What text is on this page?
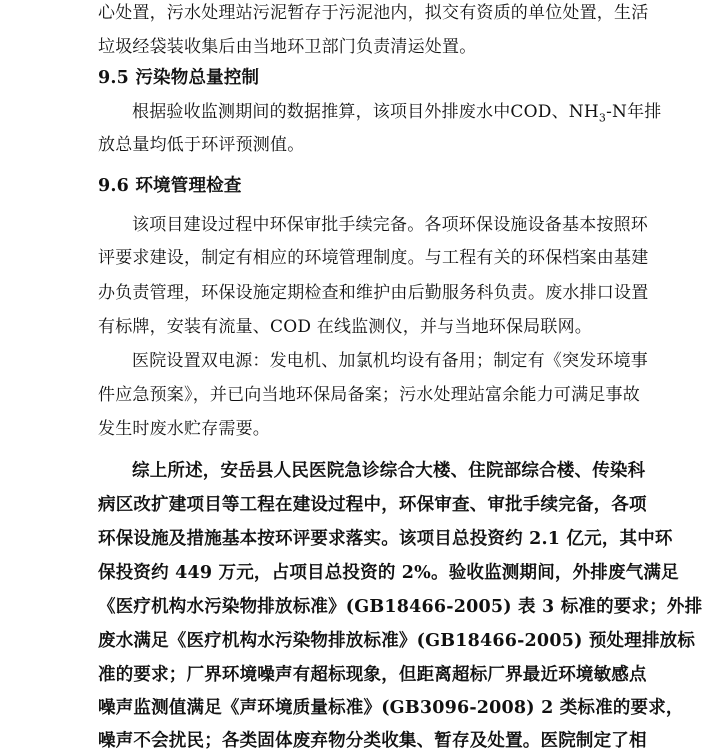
心处置，污水处理站污泥暂存于污泥池内，拟交有资质的单位处置，生活
垃圾经袋装收集后由当地环卫部门负责清运处置。
9.5 污染物总量控制
根据验收监测期间的数据推算，该项目外排废水中COD、$NH_3-N$年排
放总量均低于环评预测值。
9.6 环境管理检查
该项目建设过程中环保审批手续完备。各项环保设施设备基本按照环
评要求建设，制定有相应的环境管理制度。与工程有关的环保档案由基建
办负责管理，环保设施定期检查和维护由后勤服务科负责。废水排口设置
有标牌，安装有流量、COD 在线监测仪，并与当地环保局联网。
医院设置双电源：发电机、加氯机均设有备用；制定有《突发环境事
件应急预案》，并已向当地环保局备案；污水处理站富余能力可满足事故
发生时废水贮存需要。
综上所述，安岳县人民医院急诊综合大楼、住院部综合楼、传染科
病区改扩建项目等工程在建设过程中，环保审查、审批手续完备，各项
环保设施及措施基本按环评要求落实。该项目总投资约 2.1 亿元，其中环
保投资约 449 万元，占项目总投资的 2%。验收监测期间，外排废气满足
《医疗机构水污染物排放标准》(GB18466-2005) 表 3 标准的要求；外排
废水满足《医疗机构水污染物排放标准》(GB18466-2005) 预处理排放标
准的要求；厂界环境噪声有超标现象，但距离超标厂界最近环境敏感点
噪声监测值满足《声环境质量标准》(GB3096-2008) 2 类标准的要求，
噪声不会扰民；各类固体废弃物分类收集、暂存及处置。医院制定了相
